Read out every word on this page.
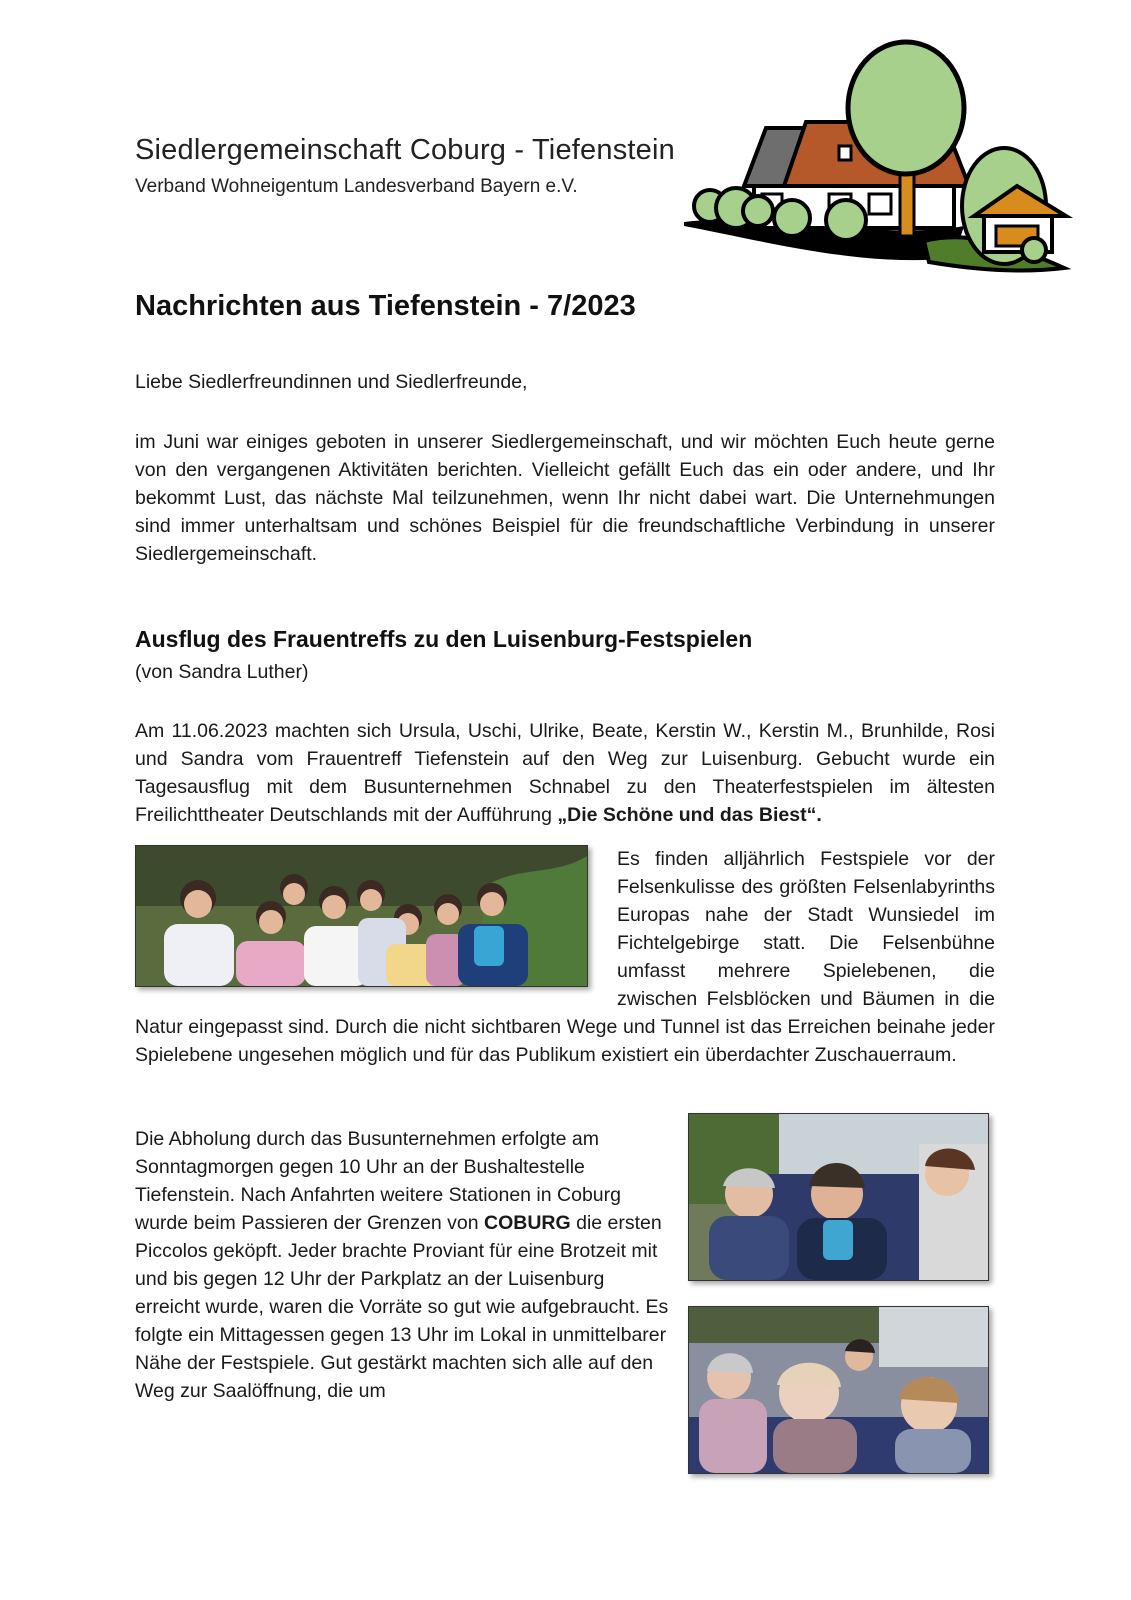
Siedlergemeinschaft Coburg - Tiefenstein
Verband Wohneigentum Landesverband Bayern e.V.
Nachrichten aus Tiefenstein - 7/2023
Liebe Siedlerfreundinnen und Siedlerfreunde,
im Juni war einiges geboten in unserer Siedlergemeinschaft, und wir möchten Euch heute gerne von den vergangenen Aktivitäten berichten. Vielleicht gefällt Euch das ein oder andere, und Ihr bekommt Lust, das nächste Mal teilzunehmen, wenn Ihr nicht dabei wart. Die Unternehmungen sind immer unterhaltsam und schönes Beispiel für die freundschaftliche Verbindung in unserer Siedlergemeinschaft.
Ausflug des Frauentreffs zu den Luisenburg-Festspielen
(von Sandra Luther)
Am 11.06.2023 machten sich Ursula, Uschi, Ulrike, Beate, Kerstin W., Kerstin M., Brunhilde, Rosi und Sandra vom Frauentreff Tiefenstein auf den Weg zur Luisenburg. Gebucht wurde ein Tagesausflug mit dem Busunternehmen Schnabel zu den Theaterfestspielen im ältesten Freilichttheater Deutschlands mit der Aufführung „Die Schöne und das Biest“.
Es finden alljährlich Festspiele vor der Felsenkulisse des größten Felsenlabyrinths Europas nahe der Stadt Wunsiedel im Fichtelgebirge statt. Die Felsenbühne umfasst mehrere Spielebenen, die zwischen Felsblöcken und Bäumen in die Natur eingepasst sind. Durch die nicht sichtbaren Wege und Tunnel ist das Erreichen beinahe jeder Spielebene ungesehen möglich und für das Publikum existiert ein überdachter Zuschauerraum.
Die Abholung durch das Busunternehmen erfolgte am Sonntagmorgen gegen 10 Uhr an der Bushaltestelle Tiefenstein. Nach Anfahrten weitere Stationen in Coburg wurde beim Passieren der Grenzen von COBURG die ersten Piccolos geköpft. Jeder brachte Proviant für eine Brotzeit mit und bis gegen 12 Uhr der Parkplatz an der Luisenburg erreicht wurde, waren die Vorräte so gut wie aufgebraucht. Es folgte ein Mittagessen gegen 13 Uhr im Lokal in unmittelbarer Nähe der Festspiele. Gut gestärkt machten sich alle auf den Weg zur Saalöffnung, die um
